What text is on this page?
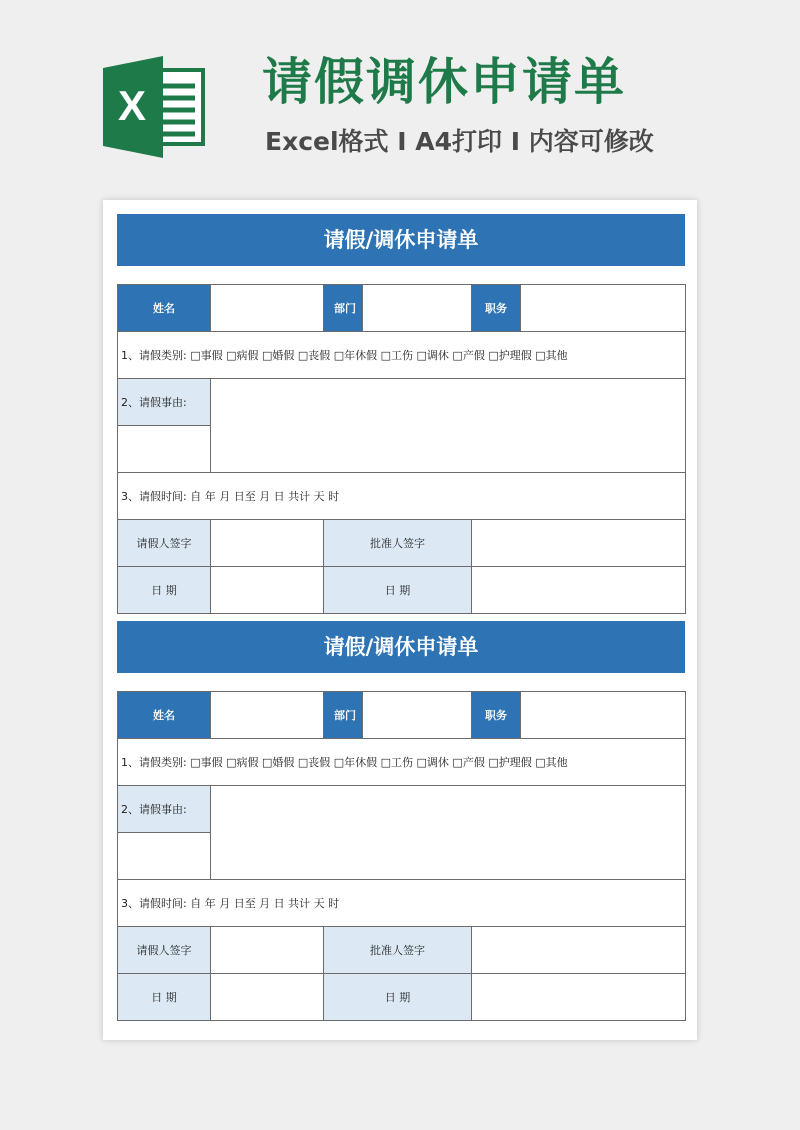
X 请假调休申请单
Excel格式 I A4打印 I 内容可修改
请假/调休申请单
姓名		部门		职务	
1、请假类别: □事假 □病假 □婚假 □丧假 □年休假 □工伤 □调休 □产假 □护理假 □其他					
2、请假事由:					

3、请假时间: 自 年 月 日至 月 日 共计 天 时					
请假人签字		批准人签字			
日 期		日 期			
请假/调休申请单
姓名		部门		职务	
1、请假类别: □事假 □病假 □婚假 □丧假 □年休假 □工伤 □调休 □产假 □护理假 □其他					
2、请假事由:					

3、请假时间: 自 年 月 日至 月 日 共计 天 时					
请假人签字		批准人签字			
日 期		日 期			
